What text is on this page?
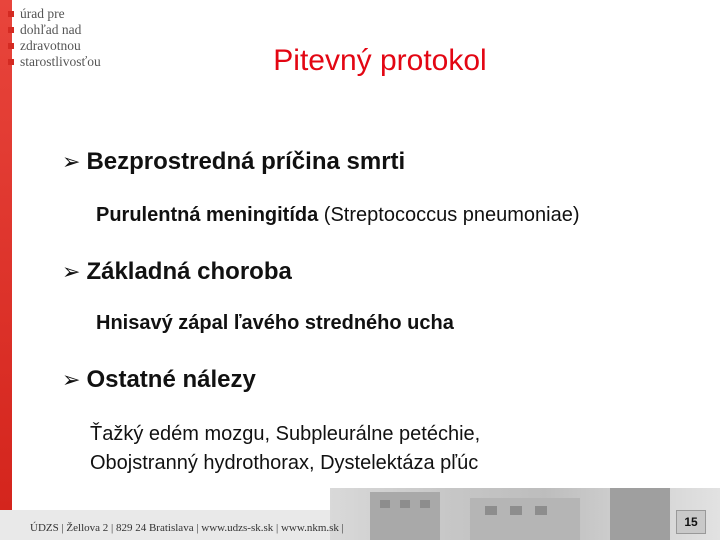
úrad pre
dohľad nad
zdravotnou
starostlivosťou	Pitevný protokol
➢ Bezprostredná príčina smrti
Purulentná meningitída (Streptococcus pneumoniae)
➢ Základná choroba
Hnisavý zápal ľavého stredného ucha
➢ Ostatné nálezy
Ťažký edém mozgu, Subpleurálne petéchie,
Obojstranný hydrothorax, Dystelektáza pľúc
ÚDZS | Žellova 2 | 829 24 Bratislava | www.udzs-sk.sk | www.nkm.sk |	15
